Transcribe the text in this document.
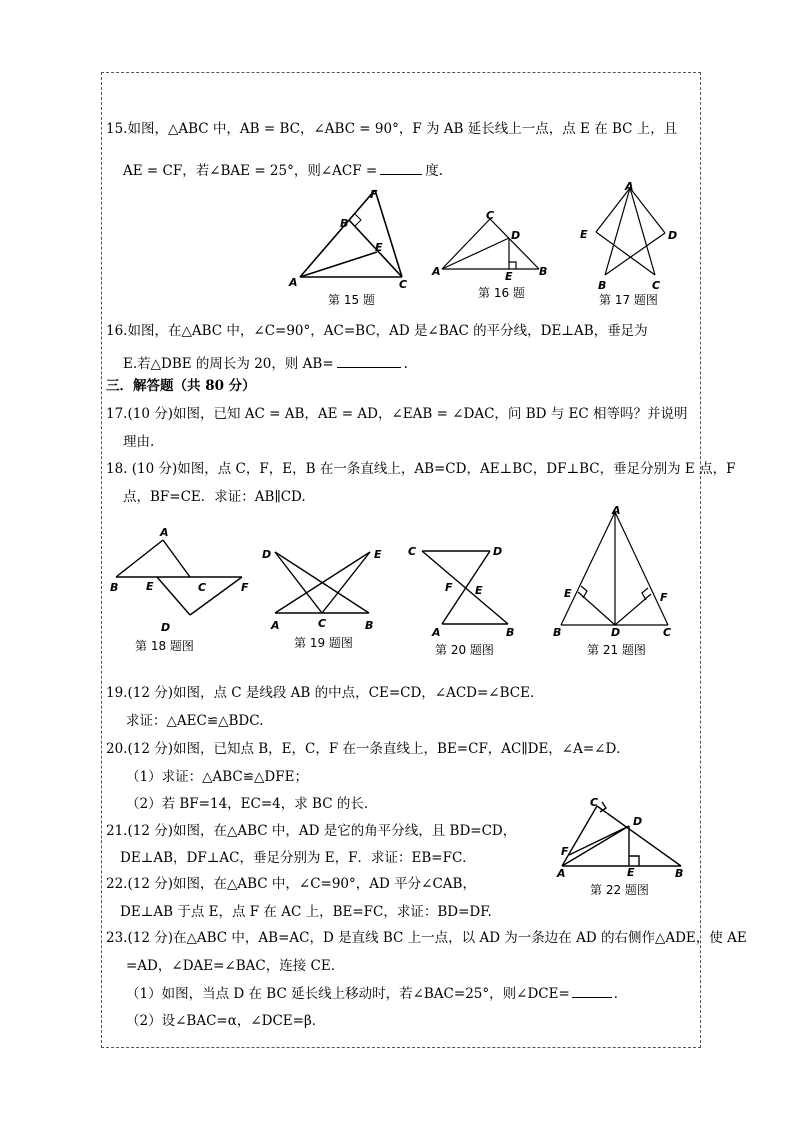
15.如图，△ABC 中，AB = BC，∠ABC = 90°，F 为 AB 延长线上一点，点 E 在 BC 上，且
AE = CF，若∠BAE = 25°，则∠ACF =	度.
A
B
C
E
F
第 15 题
A	B
C
D
E
第 16 题
A
B	C
D
E
第 17 题图
16.如图，在△ABC 中，∠C=90°，AC=BC，AD 是∠BAC 的平分线，DE⊥AB，垂足为
E.若△DBE 的周长为 20，则 AB=	.
三．解答题（共 80 分）
17.(10 分)如图，已知 AC = AB，AE = AD，∠EAB = ∠DAC，问 BD 与 EC 相等吗？并说明
理由.
18. (10 分)如图，点 C，F，E，B 在一条直线上，AB=CD，AE⊥BC，DF⊥BC，垂足分别为 E 点，F
点，BF=CE．求证：AB∥CD.
A
B	E	C	F
D
第 18 题图
D	E
A	C	B
第 19 题图
C	D
F E
A	B
第 20 题图
A
B	C
D
E	F
第 21 题图
19.(12 分)如图，点 C 是线段 AB 的中点，CE=CD，∠ACD=∠BCE．
求证：△AEC≌△BDC.
20.(12 分)如图，已知点 B，E，C，F 在一条直线上，BE=CF，AC∥DE，∠A=∠D．
（1）求证：△ABC≌△DFE；
（2）若 BF=14，EC=4，求 BC 的长．
21.(12 分)如图，在△ABC 中，AD 是它的角平分线，且 BD=CD，
DE⊥AB，DF⊥AC，垂足分别为 E，F．求证：EB=FC．
C
D
F
A	E	B
第 22 题图
22.(12 分)如图，在△ABC 中，∠C=90°，AD 平分∠CAB，
DE⊥AB 于点 E，点 F 在 AC 上，BE=FC，求证：BD=DF.
23.(12 分)在△ABC 中，AB=AC，D 是直线 BC 上一点，以 AD 为一条边在 AD 的右侧作△ADE，使 AE
=AD，∠DAE=∠BAC，连接 CE．
（1）如图，当点 D 在 BC 延长线上移动时，若∠BAC=25°，则∠DCE=	．
（2）设∠BAC=α，∠DCE=β．
